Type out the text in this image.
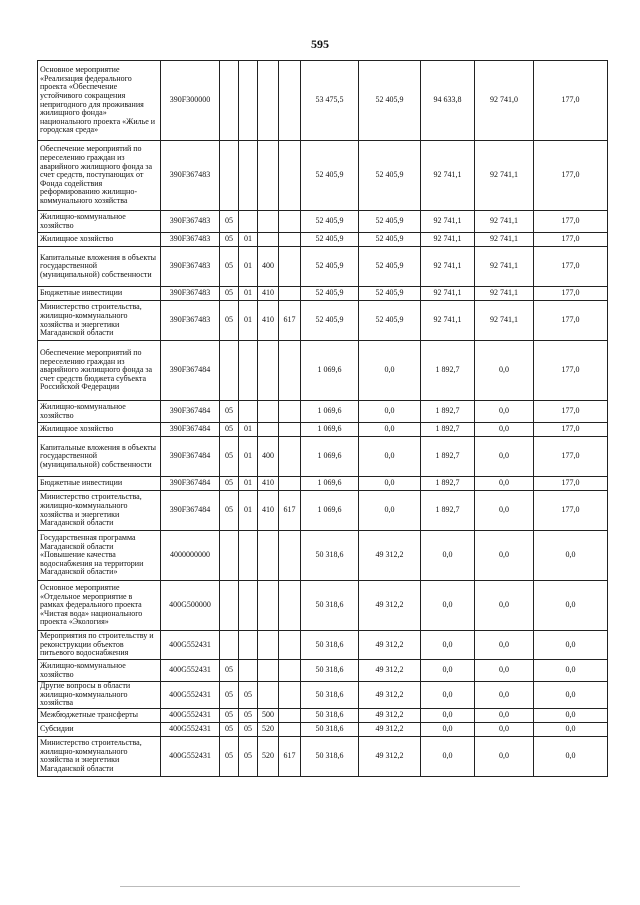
595
Основное мероприятие «Реализация федерального проекта «Обеспечение устойчивого сокращения непригодного для проживания жилищного фонда» национального проекта «Жилье и городская среда»	390F300000					53 475,5	52 405,9	94 633,8	92 741,0	177,0
Обеспечение мероприятий по переселению граждан из аварийного жилищного фонда за счет средств, поступающих от Фонда содействия реформированию жилищно-коммунального хозяйства	390F367483					52 405,9	52 405,9	92 741,1	92 741,1	177,0
Жилищно-коммунальное хозяйство	390F367483	05				52 405,9	52 405,9	92 741,1	92 741,1	177,0
Жилищное хозяйство	390F367483	05	01			52 405,9	52 405,9	92 741,1	92 741,1	177,0
Капитальные вложения в объекты государственной (муниципальной) собственности	390F367483	05	01	400		52 405,9	52 405,9	92 741,1	92 741,1	177,0
Бюджетные инвестиции	390F367483	05	01	410		52 405,9	52 405,9	92 741,1	92 741,1	177,0
Министерство строительства, жилищно-коммунального хозяйства и энергетики Магаданской области	390F367483	05	01	410	617	52 405,9	52 405,9	92 741,1	92 741,1	177,0
Обеспечение мероприятий по переселению граждан из аварийного жилищного фонда за счет средств бюджета субъекта Российской Федерации	390F367484					1 069,6	0,0	1 892,7	0,0	177,0
Жилищно-коммунальное хозяйство	390F367484	05				1 069,6	0,0	1 892,7	0,0	177,0
Жилищное хозяйство	390F367484	05	01			1 069,6	0,0	1 892,7	0,0	177,0
Капитальные вложения в объекты государственной (муниципальной) собственности	390F367484	05	01	400		1 069,6	0,0	1 892,7	0,0	177,0
Бюджетные инвестиции	390F367484	05	01	410		1 069,6	0,0	1 892,7	0,0	177,0
Министерство строительства, жилищно-коммунального хозяйства и энергетики Магаданской области	390F367484	05	01	410	617	1 069,6	0,0	1 892,7	0,0	177,0
Государственная программа Магаданской области «Повышение качества водоснабжения на территории Магаданской области»	4000000000					50 318,6	49 312,2	0,0	0,0	0,0
Основное мероприятие «Отдельное мероприятие в рамках федерального проекта «Чистая вода» национального проекта «Экология»	400G500000					50 318,6	49 312,2	0,0	0,0	0,0
Мероприятия по строительству и реконструкции объектов питьевого водоснабжения	400G552431					50 318,6	49 312,2	0,0	0,0	0,0
Жилищно-коммунальное хозяйство	400G552431	05				50 318,6	49 312,2	0,0	0,0	0,0
Другие вопросы в области жилищно-коммунального хозяйства	400G552431	05	05			50 318,6	49 312,2	0,0	0,0	0,0
Межбюджетные трансферты	400G552431	05	05	500		50 318,6	49 312,2	0,0	0,0	0,0
Субсидии	400G552431	05	05	520		50 318,6	49 312,2	0,0	0,0	0,0
Министерство строительства, жилищно-коммунального хозяйства и энергетики Магаданской области	400G552431	05	05	520	617	50 318,6	49 312,2	0,0	0,0	0,0
